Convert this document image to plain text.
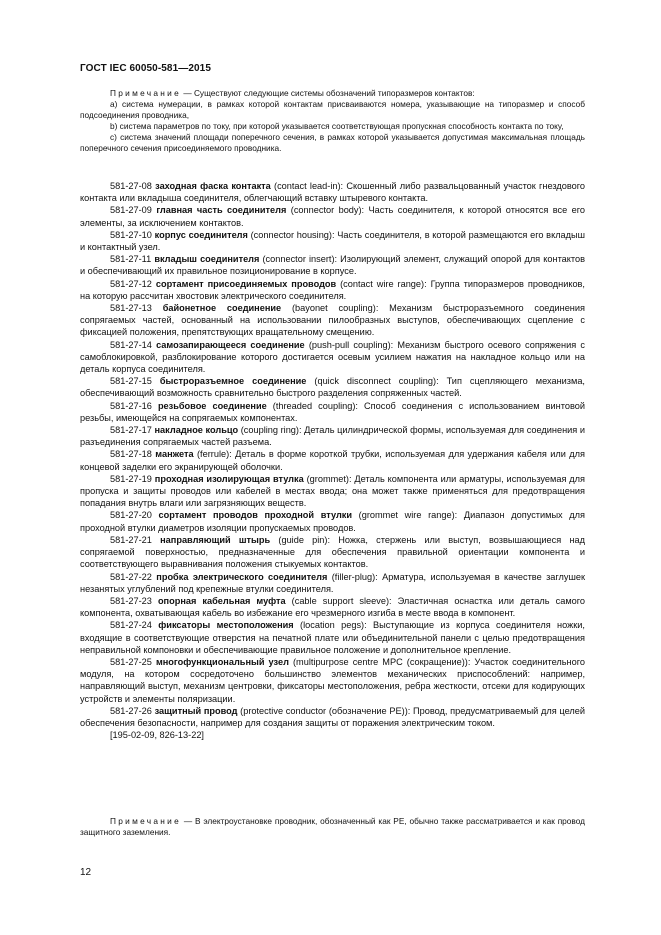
ГОСТ IEC 60050-581—2015

Примечание — Существуют следующие системы обозначений типоразмеров контактов:

a) система нумерации, в рамках которой контактам присваиваются номера, указывающие на типоразмер и способ подсоединения проводника,

b) система параметров по току, при которой указывается соответствующая пропускная способность контакта по току,

c) система значений площади поперечного сечения, в рамках которой указывается допустимая максимальная площадь поперечного сечения присоединяемого проводника.

581-27-08 заходная фаска контакта (contact lead-in): Скошенный либо развальцованный участок гнездового контакта или вкладыша соединителя, облегчающий вставку штыревого контакта.

581-27-09 главная часть соединителя (connector body): Часть соединителя, к которой относятся все его элементы, за исключением контактов.

581-27-10 корпус соединителя (connector housing): Часть соединителя, в которой размещаются его вкладыш и контактный узел.

581-27-11 вкладыш соединителя (connector insert): Изолирующий элемент, служащий опорой для контактов и обеспечивающий их правильное позиционирование в корпусе.

581-27-12 сортамент присоединяемых проводов (contact wire range): Группа типоразмеров проводников, на которую рассчитан хвостовик электрического соединителя.

581-27-13 байонетное соединение (bayonet coupling): Механизм быстроразъемного соединения сопрягаемых частей, основанный на использовании пилообразных выступов, обеспечивающих сцепление с фиксацией положения, препятствующих вращательному смещению.

581-27-14 самозапирающееся соединение (push-pull coupling): Механизм быстрого осевого сопряжения с самоблокировкой, разблокирование которого достигается осевым усилием нажатия на накладное кольцо или на деталь корпуса соединителя.

581-27-15 быстроразъемное соединение (quick disconnect coupling): Тип сцепляющего механизма, обеспечивающий возможность сравнительно быстрого разделения сопряженных частей.

581-27-16 резьбовое соединение (threaded coupling): Способ соединения с использованием винтовой резьбы, имеющейся на сопрягаемых компонентах.

581-27-17 накладное кольцо (coupling ring): Деталь цилиндрической формы, используемая для соединения и разъединения сопрягаемых частей разъема.

581-27-18 манжета (ferrule): Деталь в форме короткой трубки, используемая для удержания кабеля или для концевой заделки его экранирующей оболочки.

581-27-19 проходная изолирующая втулка (grommet): Деталь компонента или арматуры, используемая для пропуска и защиты проводов или кабелей в местах ввода; она может также применяться для предотвращения попадания внутрь влаги или загрязняющих веществ.

581-27-20 сортамент проводов проходной втулки (grommet wire range): Диапазон допустимых для проходной втулки диаметров изоляции пропускаемых проводов.

581-27-21 направляющий штырь (guide pin): Ножка, стержень или выступ, возвышающиеся над сопрягаемой поверхностью, предназначенные для обеспечения правильной ориентации компонента и соответствующего выравнивания положения стыкуемых контактов.

581-27-22 пробка электрического соединителя (filler-plug): Арматура, используемая в качестве заглушек незанятых углублений под крепежные втулки соединителя.

581-27-23 опорная кабельная муфта (cable support sleeve): Эластичная оснастка или деталь самого компонента, охватывающая кабель во избежание его чрезмерного изгиба в месте ввода в компонент.

581-27-24 фиксаторы местоположения (location pegs): Выступающие из корпуса соединителя ножки, входящие в соответствующие отверстия на печатной плате или объединительной панели с целью предотвращения неправильной компоновки и обеспечивающие правильное положение и дополнительное крепление.

581-27-25 многофункциональный узел (multipurpose centre MPC (сокращение)): Участок соединительного модуля, на котором сосредоточено большинство элементов механических приспособлений: например, направляющий выступ, механизм центровки, фиксаторы местоположения, ребра жесткости, отсеки для кодирующих устройств и элементы поляризации.

581-27-26 защитный провод (protective conductor (обозначение PE)): Провод, предусматриваемый для целей обеспечения безопасности, например для создания защиты от поражения электрическим током.

[195-02-09, 826-13-22]

Примечание — В электроустановке проводник, обозначенный как PE, обычно также рассматривается и как провод защитного заземления.

12
